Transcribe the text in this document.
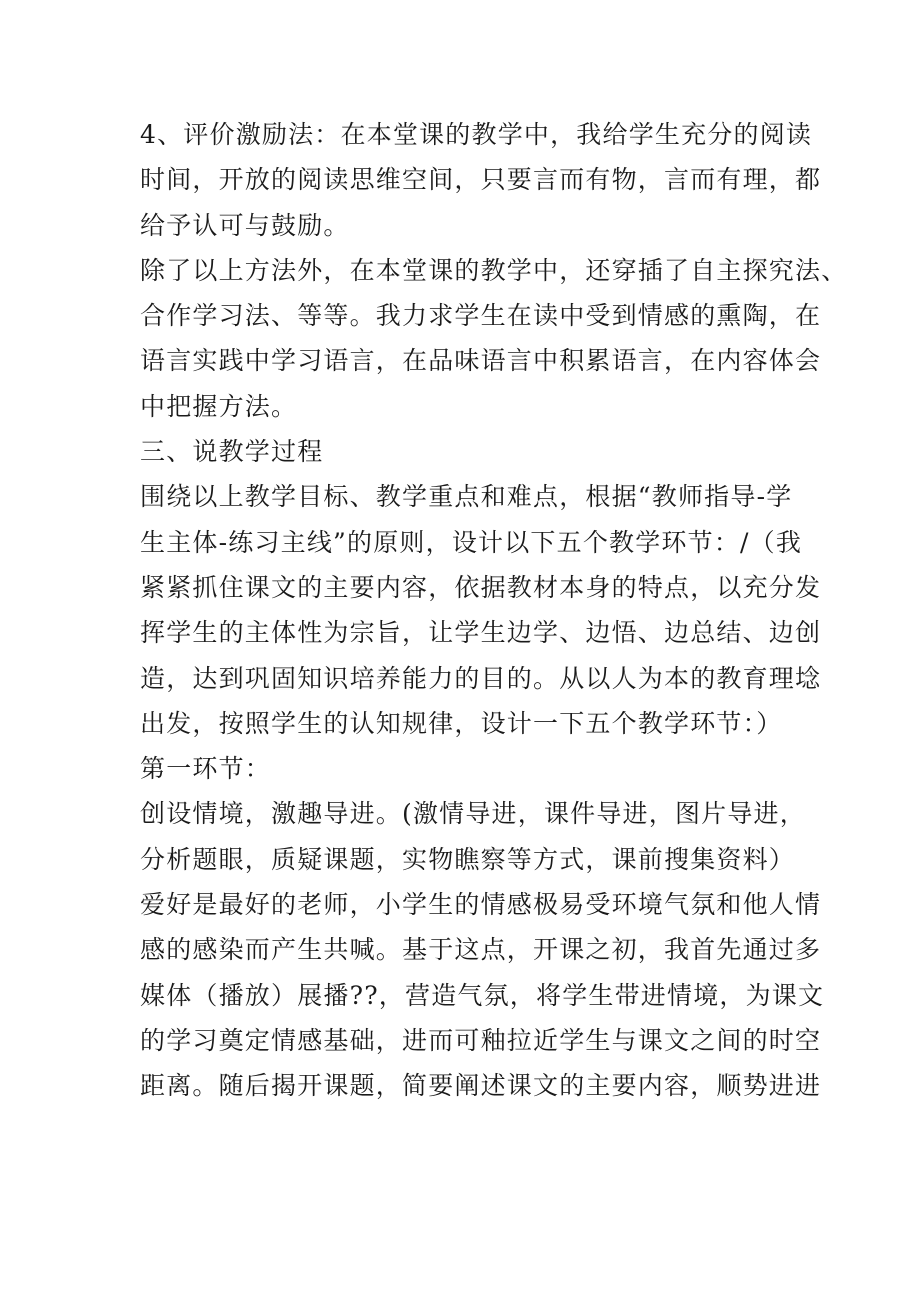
4、评价激励法：在本堂课的教学中，我给学生充分的阅读
时间，开放的阅读思维空间，只要言而有物，言而有理，都
给予认可与鼓励。
除了以上方法外，在本堂课的教学中，还穿插了自主探究法、
合作学习法、等等。我力求学生在读中受到情感的熏陶，在
语言实践中学习语言，在品味语言中积累语言，在内容体会
中把握方法。
三、说教学过程
围绕以上教学目标、教学重点和难点，根据“教师指导-学
生主体-练习主线”的原则，设计以下五个教学环节：/（我
紧紧抓住课文的主要内容，依据教材本身的特点，以充分发
挥学生的主体性为宗旨，让学生边学、边悟、边总结、边创
造，达到巩固知识培养能力的目的。从以人为本的教育理埝
出发，按照学生的认知规律，设计一下五个教学环节：）
第一环节：
创设情境，激趣导进。(激情导进，课件导进，图片导进，
分析题眼，质疑课题，实物瞧察等方式，课前搜集资料）
爱好是最好的老师，小学生的情感极易受环境气氛和他人情
感的感染而产生共喊。基于这点，开课之初，我首先通过多
媒体（播放）展播??，营造气氛，将学生带进情境，为课文
的学习奠定情感基础，进而可釉拉近学生与课文之间的时空
距离。随后揭开课题，简要阐述课文的主要内容，顺势进进
